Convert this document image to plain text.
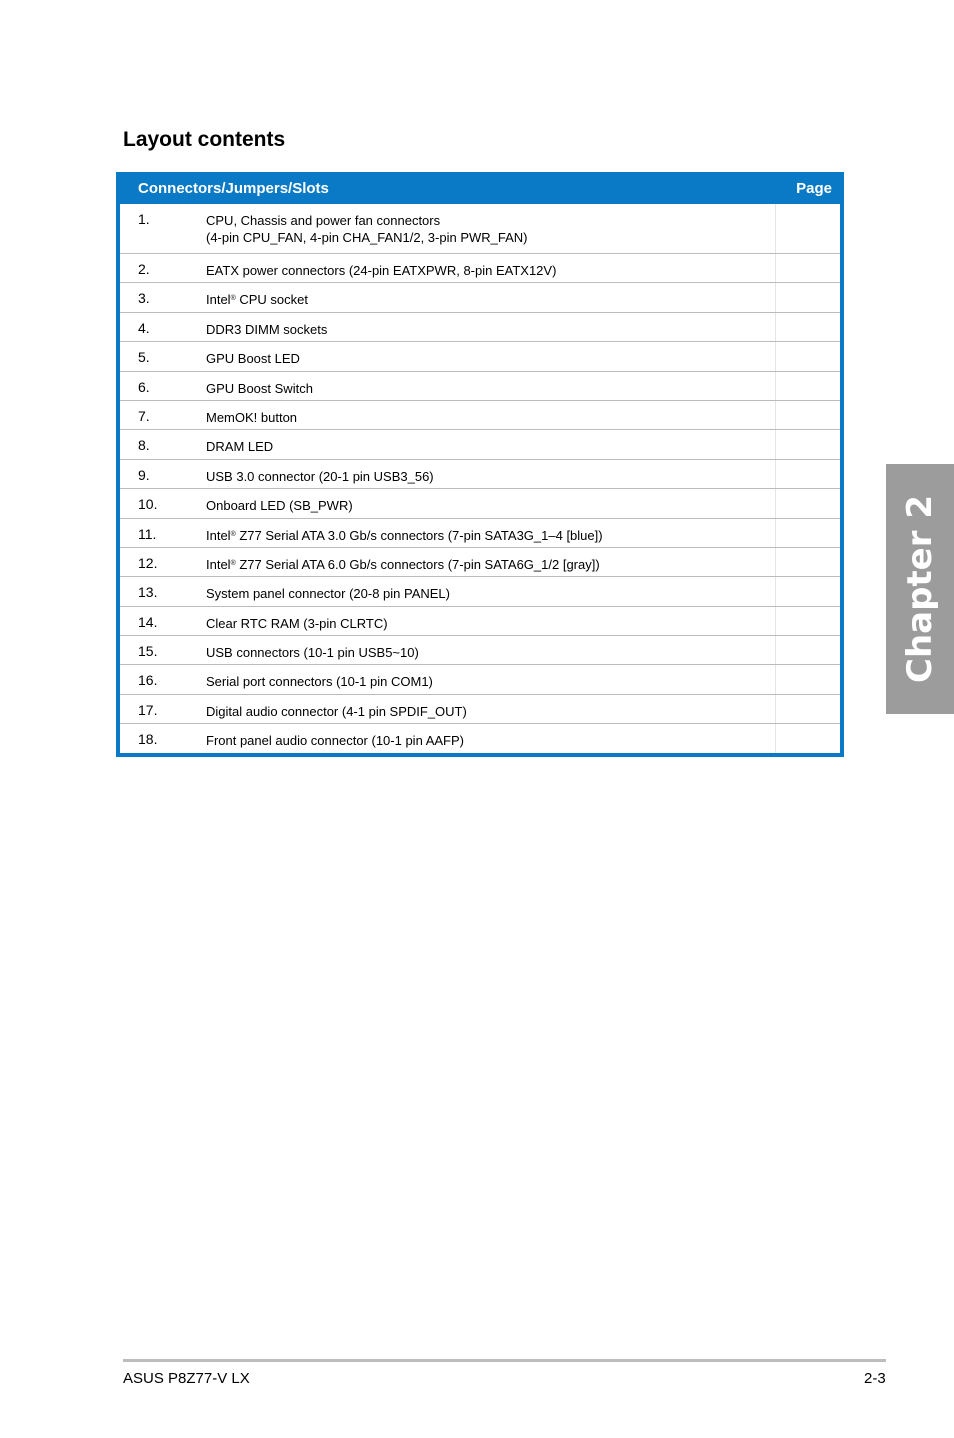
Layout contents
Connectors/Jumpers/Slots	Page
1.	CPU, Chassis and power fan connectors
(4-pin CPU_FAN, 4-pin CHA_FAN1/2, 3-pin PWR_FAN)
2.	EATX power connectors (24-pin EATXPWR, 8-pin EATX12V)
3.	Intel® CPU socket
4.	DDR3 DIMM sockets
5.	GPU Boost LED
6.	GPU Boost Switch
7.	MemOK! button
8.	DRAM LED
9.	USB 3.0 connector (20-1 pin USB3_56)
10.	Onboard LED (SB_PWR)
11.	Intel® Z77 Serial ATA 3.0 Gb/s connectors (7-pin SATA3G_1–4 [blue])
12.	Intel® Z77 Serial ATA 6.0 Gb/s connectors (7-pin SATA6G_1/2 [gray])
13.	System panel connector (20-8 pin PANEL)
14.	Clear RTC RAM (3-pin CLRTC)
15.	USB connectors (10-1 pin USB5~10)
16.	Serial port connectors (10-1 pin COM1)
17.	Digital audio connector (4-1 pin SPDIF_OUT)
18.	Front panel audio connector (10-1 pin AAFP)
Chapter 2
ASUS P8Z77-V LX	2-3
